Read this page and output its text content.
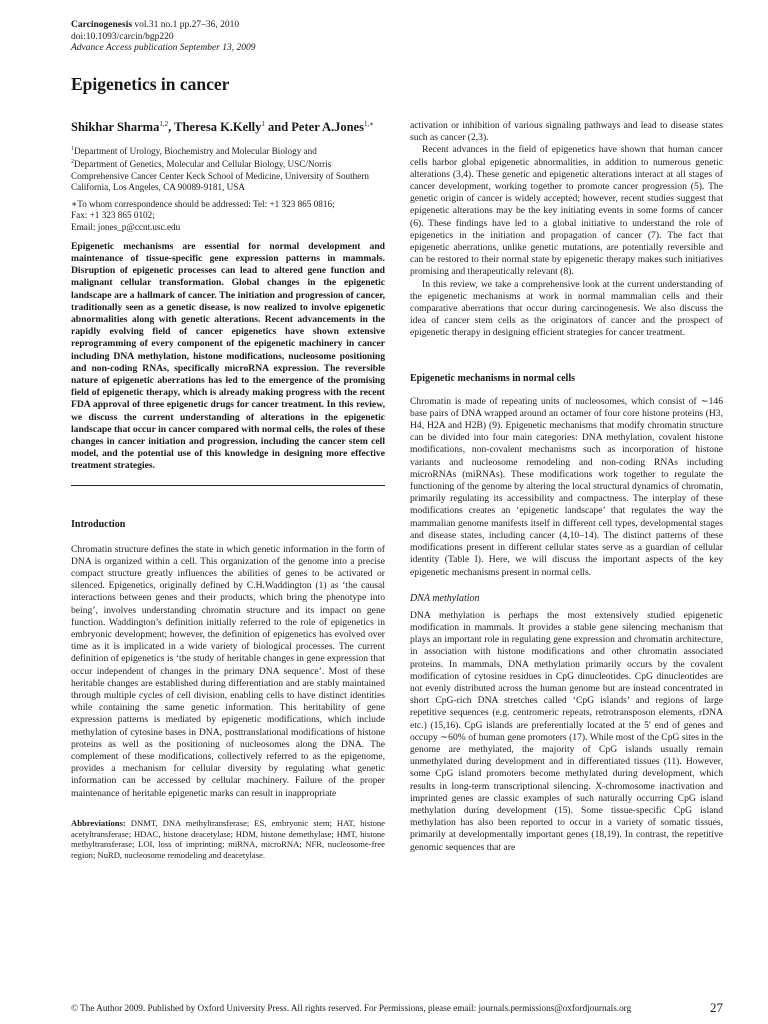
Carcinogenesis vol.31 no.1 pp.27–36, 2010
doi:10.1093/carcin/bgp220
Advance Access publication September 13, 2009
Epigenetics in cancer

Shikhar Sharma$^{1,2}$, Theresa K.Kelly$^1$ and Peter A.Jones$^{1,∗}$

$^1$Department of Urology, Biochemistry and Molecular Biology and
$^2$Department of Genetics, Molecular and Cellular Biology, USC/Norris Comprehensive Cancer Center Keck School of Medicine, University of Southern California, Los Angeles, CA 90089-9181, USA

∗To whom correspondence should be addressed: Tel: +1 323 865 0816;
Fax: +1 323 865 0102;
Email: jones_p@ccnt.usc.edu

Epigenetic mechanisms are essential for normal development and maintenance of tissue-specific gene expression patterns in mammals. Disruption of epigenetic processes can lead to altered gene function and malignant cellular transformation. Global changes in the epigenetic landscape are a hallmark of cancer. The initiation and progression of cancer, traditionally seen as a genetic disease, is now realized to involve epigenetic abnormalities along with genetic alterations. Recent advancements in the rapidly evolving field of cancer epigenetics have shown extensive reprogramming of every component of the epigenetic machinery in cancer including DNA methylation, histone modifications, nucleosome positioning and non-coding RNAs, specifically microRNA expression. The reversible nature of epigenetic aberrations has led to the emergence of the promising field of epigenetic therapy, which is already making progress with the recent FDA approval of three epigenetic drugs for cancer treatment. In this review, we discuss the current understanding of alterations in the epigenetic landscape that occur in cancer compared with normal cells, the roles of these changes in cancer initiation and progression, including the cancer stem cell model, and the potential use of this knowledge in designing more effective treatment strategies.

Introduction

Chromatin structure defines the state in which genetic information in the form of DNA is organized within a cell. This organization of the genome into a precise compact structure greatly influences the abilities of genes to be activated or silenced. Epigenetics, originally defined by C.H.Waddington (1) as ‘the causal interactions between genes and their products, which bring the phenotype into being’, involves understanding chromatin structure and its impact on gene function. Waddington’s definition initially referred to the role of epigenetics in embryonic development; however, the definition of epigenetics has evolved over time as it is implicated in a wide variety of biological processes. The current definition of epigenetics is ‘the study of heritable changes in gene expression that occur independent of changes in the primary DNA sequence’. Most of these heritable changes are established during differentiation and are stably maintained through multiple cycles of cell division, enabling cells to have distinct identities while containing the same genetic information. This heritability of gene expression patterns is mediated by epigenetic modifications, which include methylation of cytosine bases in DNA, posttranslational modifications of histone proteins as well as the positioning of nucleosomes along the DNA. The complement of these modifications, collectively referred to as the epigenome, provides a mechanism for cellular diversity by regulating what genetic information can be accessed by cellular machinery. Failure of the proper maintenance of heritable epigenetic marks can result in inappropriate

Abbreviations: DNMT, DNA methyltransferase; ES, embryonic stem; HAT, histone acetyltransferase; HDAC, histone deacetylase; HDM, histone demethylase; HMT, histone methyltransferase; LOI, loss of imprinting; miRNA, microRNA; NFR, nucleosome-free region; NuRD, nucleosome remodeling and deacetylase.

activation or inhibition of various signaling pathways and lead to disease states such as cancer (2,3).

Recent advances in the field of epigenetics have shown that human cancer cells harbor global epigenetic abnormalities, in addition to numerous genetic alterations (3,4). These genetic and epigenetic alterations interact at all stages of cancer development, working together to promote cancer progression (5). The genetic origin of cancer is widely accepted; however, recent studies suggest that epigenetic alterations may be the key initiating events in some forms of cancer (6). These findings have led to a global initiative to understand the role of epigenetics in the initiation and propagation of cancer (7). The fact that epigenetic aberrations, unlike genetic mutations, are potentially reversible and can be restored to their normal state by epigenetic therapy makes such initiatives promising and therapeutically relevant (8).

In this review, we take a comprehensive look at the current understanding of the epigenetic mechanisms at work in normal mammalian cells and their comparative aberrations that occur during carcinogenesis. We also discuss the idea of cancer stem cells as the originators of cancer and the prospect of epigenetic therapy in designing efficient strategies for cancer treatment.

Epigenetic mechanisms in normal cells

Chromatin is made of repeating units of nucleosomes, which consist of ∼146 base pairs of DNA wrapped around an octamer of four core histone proteins (H3, H4, H2A and H2B) (9). Epigenetic mechanisms that modify chromatin structure can be divided into four main categories: DNA methylation, covalent histone modifications, non-covalent mechanisms such as incorporation of histone variants and nucleosome remodeling and non-coding RNAs including microRNAs (miRNAs). These modifications work together to regulate the functioning of the genome by altering the local structural dynamics of chromatin, primarily regulating its accessibility and compactness. The interplay of these modifications creates an ‘epigenetic landscape’ that regulates the way the mammalian genome manifests itself in different cell types, developmental stages and disease states, including cancer (4,10–14). The distinct patterns of these modifications present in different cellular states serve as a guardian of cellular identity (Table I). Here, we will discuss the important aspects of the key epigenetic mechanisms present in normal cells.

DNA methylation

DNA methylation is perhaps the most extensively studied epigenetic modification in mammals. It provides a stable gene silencing mechanism that plays an important role in regulating gene expression and chromatin architecture, in association with histone modifications and other chromatin associated proteins. In mammals, DNA methylation primarily occurs by the covalent modification of cytosine residues in CpG dinucleotides. CpG dinucleotides are not evenly distributed across the human genome but are instead concentrated in short CpG-rich DNA stretches called ‘CpG islands’ and regions of large repetitive sequences (e.g. centromeric repeats, retrotransposon elements, rDNA etc.) (15,16). CpG islands are preferentially located at the 5′ end of genes and occupy ∼60% of human gene promoters (17). While most of the CpG sites in the genome are methylated, the majority of CpG islands usually remain unmethylated during development and in differentiated tissues (11). However, some CpG island promoters become methylated during development, which results in long-term transcriptional silencing. X-chromosome inactivation and imprinted genes are classic examples of such naturally occurring CpG island methylation during development (15). Some tissue-specific CpG island methylation has also been reported to occur in a variety of somatic tissues, primarily at developmentally important genes (18,19). In contrast, the repetitive genomic sequences that are

© The Author 2009. Published by Oxford University Press. All rights reserved. For Permissions, please email: journals.permissions@oxfordjournals.org	27
